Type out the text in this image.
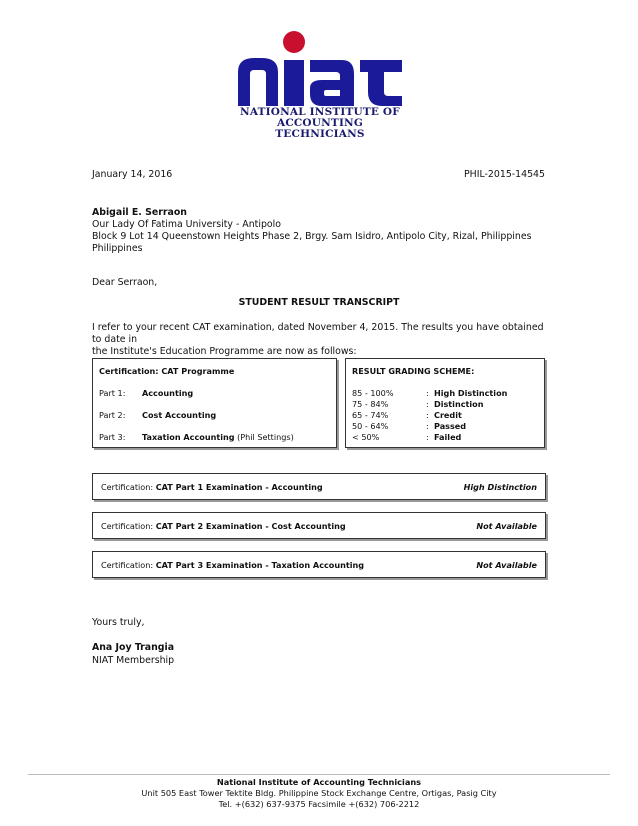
NATIONAL INSTITUTE OF
ACCOUNTING TECHNICIANS
January 14, 2016	PHIL-2015-14545
Abigail E. Serraon
Our Lady Of Fatima University - Antipolo
Block 9 Lot 14 Queenstown Heights Phase 2, Brgy. Sam Isidro, Antipolo City, Rizal, Philippines
Philippines
Dear Serraon,
STUDENT RESULT TRANSCRIPT
I refer to your recent CAT examination, dated November 4, 2015. The results you have obtained to date in
the Institute's Education Programme are now as follows:
Certification: CAT Programme
Part 1: Accounting
Part 2: Cost Accounting
Part 3: Taxation Accounting (Phil Settings)
RESULT GRADING SCHEME:
85 - 100%	: High Distinction
75 - 84%	: Distinction
65 - 74%	: Credit
50 - 64%	: Passed
< 50%	: Failed
Certification: CAT Part 1 Examination - Accounting	High Distinction
Certification: CAT Part 2 Examination - Cost Accounting	Not Available
Certification: CAT Part 3 Examination - Taxation Accounting	Not Available
Yours truly,
Ana Joy Trangia
NIAT Membership
National Institute of Accounting Technicians
Unit 505 East Tower Tektite Bldg. Philippine Stock Exchange Centre, Ortigas, Pasig City
Tel. +(632) 637-9375 Facsimile +(632) 706-2212
